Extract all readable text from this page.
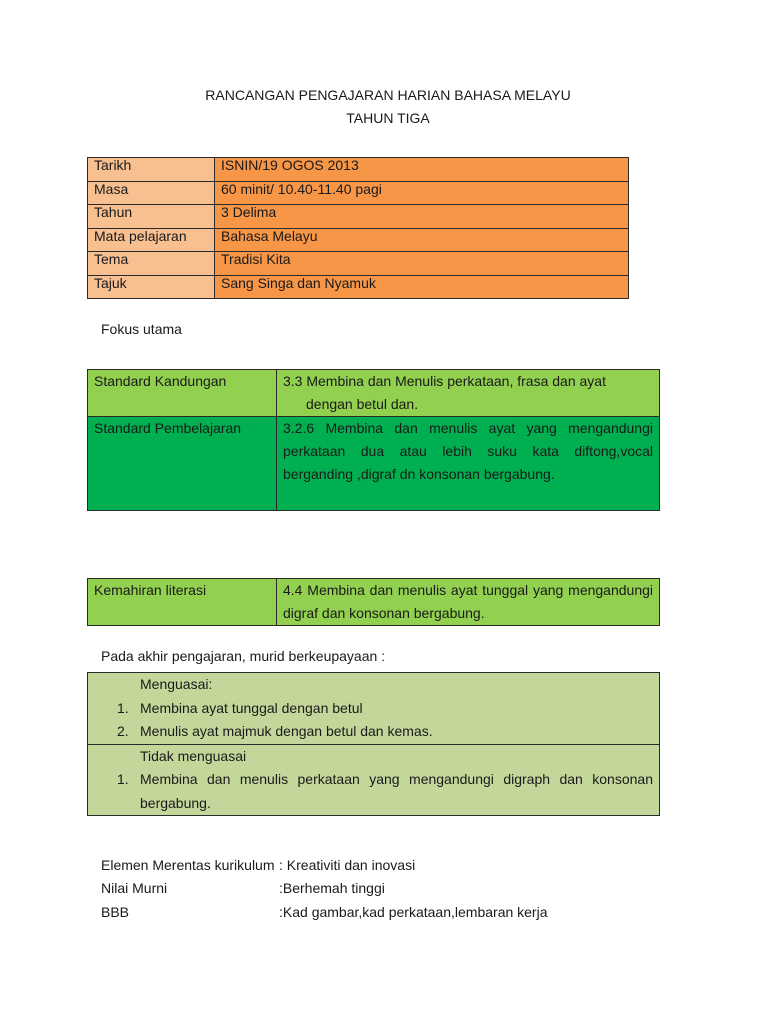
RANCANGAN PENGAJARAN HARIAN BAHASA MELAYU
TAHUN TIGA
Tarikh	ISNIN/19 OGOS 2013
Masa	60 minit/ 10.40-11.40 pagi
Tahun	3 Delima
Mata pelajaran	Bahasa Melayu
Tema	Tradisi Kita
Tajuk	Sang Singa dan Nyamuk
Fokus utama
Standard Kandungan	3.3 Membina dan Menulis perkataan, frasa dan ayat
dengan betul dan.

Standard Pembelajaran	3.2.6 Membina dan menulis ayat yang mengandungi perkataan dua atau lebih suku kata diftong,vocal berganding ,digraf dn konsonan bergabung.
Kemahiran literasi	4.4 Membina dan menulis ayat tunggal yang mengandungi digraf dan konsonan bergabung.
Pada akhir pengajaran, murid berkeupayaan :
Menguasai:
1. Membina ayat tunggal dengan betul
2. Menulis ayat majmuk dengan betul dan kemas.

Tidak menguasai
1. Membina dan menulis perkataan yang mengandungi digraph dan konsonan bergabung.
Elemen Merentas kurikulum : Kreativiti dan inovasi
Nilai Murni	:Berhemah tinggi
BBB	:Kad gambar,kad perkataan,lembaran kerja
